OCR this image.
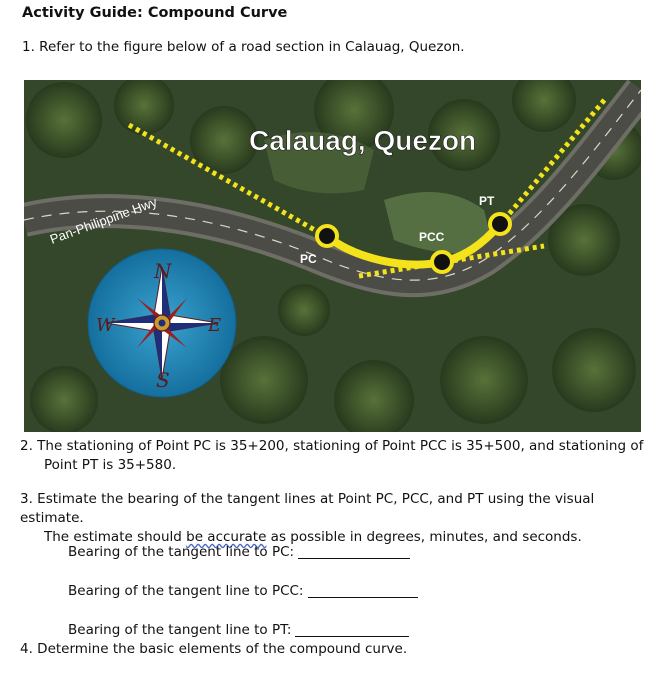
Activity Guide: Compound Curve
1. Refer to the figure below of a road section in Calauag, Quezon.
Calauag, Quezon
Pan-Philippine Hwy
PC
PCC
PT
N
S
E
W
2. The stationing of Point PC is 35+200, stationing of Point PCC is 35+500, and stationing of
Point PT is 35+580.
3. Estimate the bearing of the tangent lines at Point PC, PCC, and PT using the visual estimate.
The estimate should be accurate as possible in degrees, minutes, and seconds.
Bearing of the tangent line to PC:
Bearing of the tangent line to PCC:
Bearing of the tangent line to PT:
4. Determine the basic elements of the compound curve.
